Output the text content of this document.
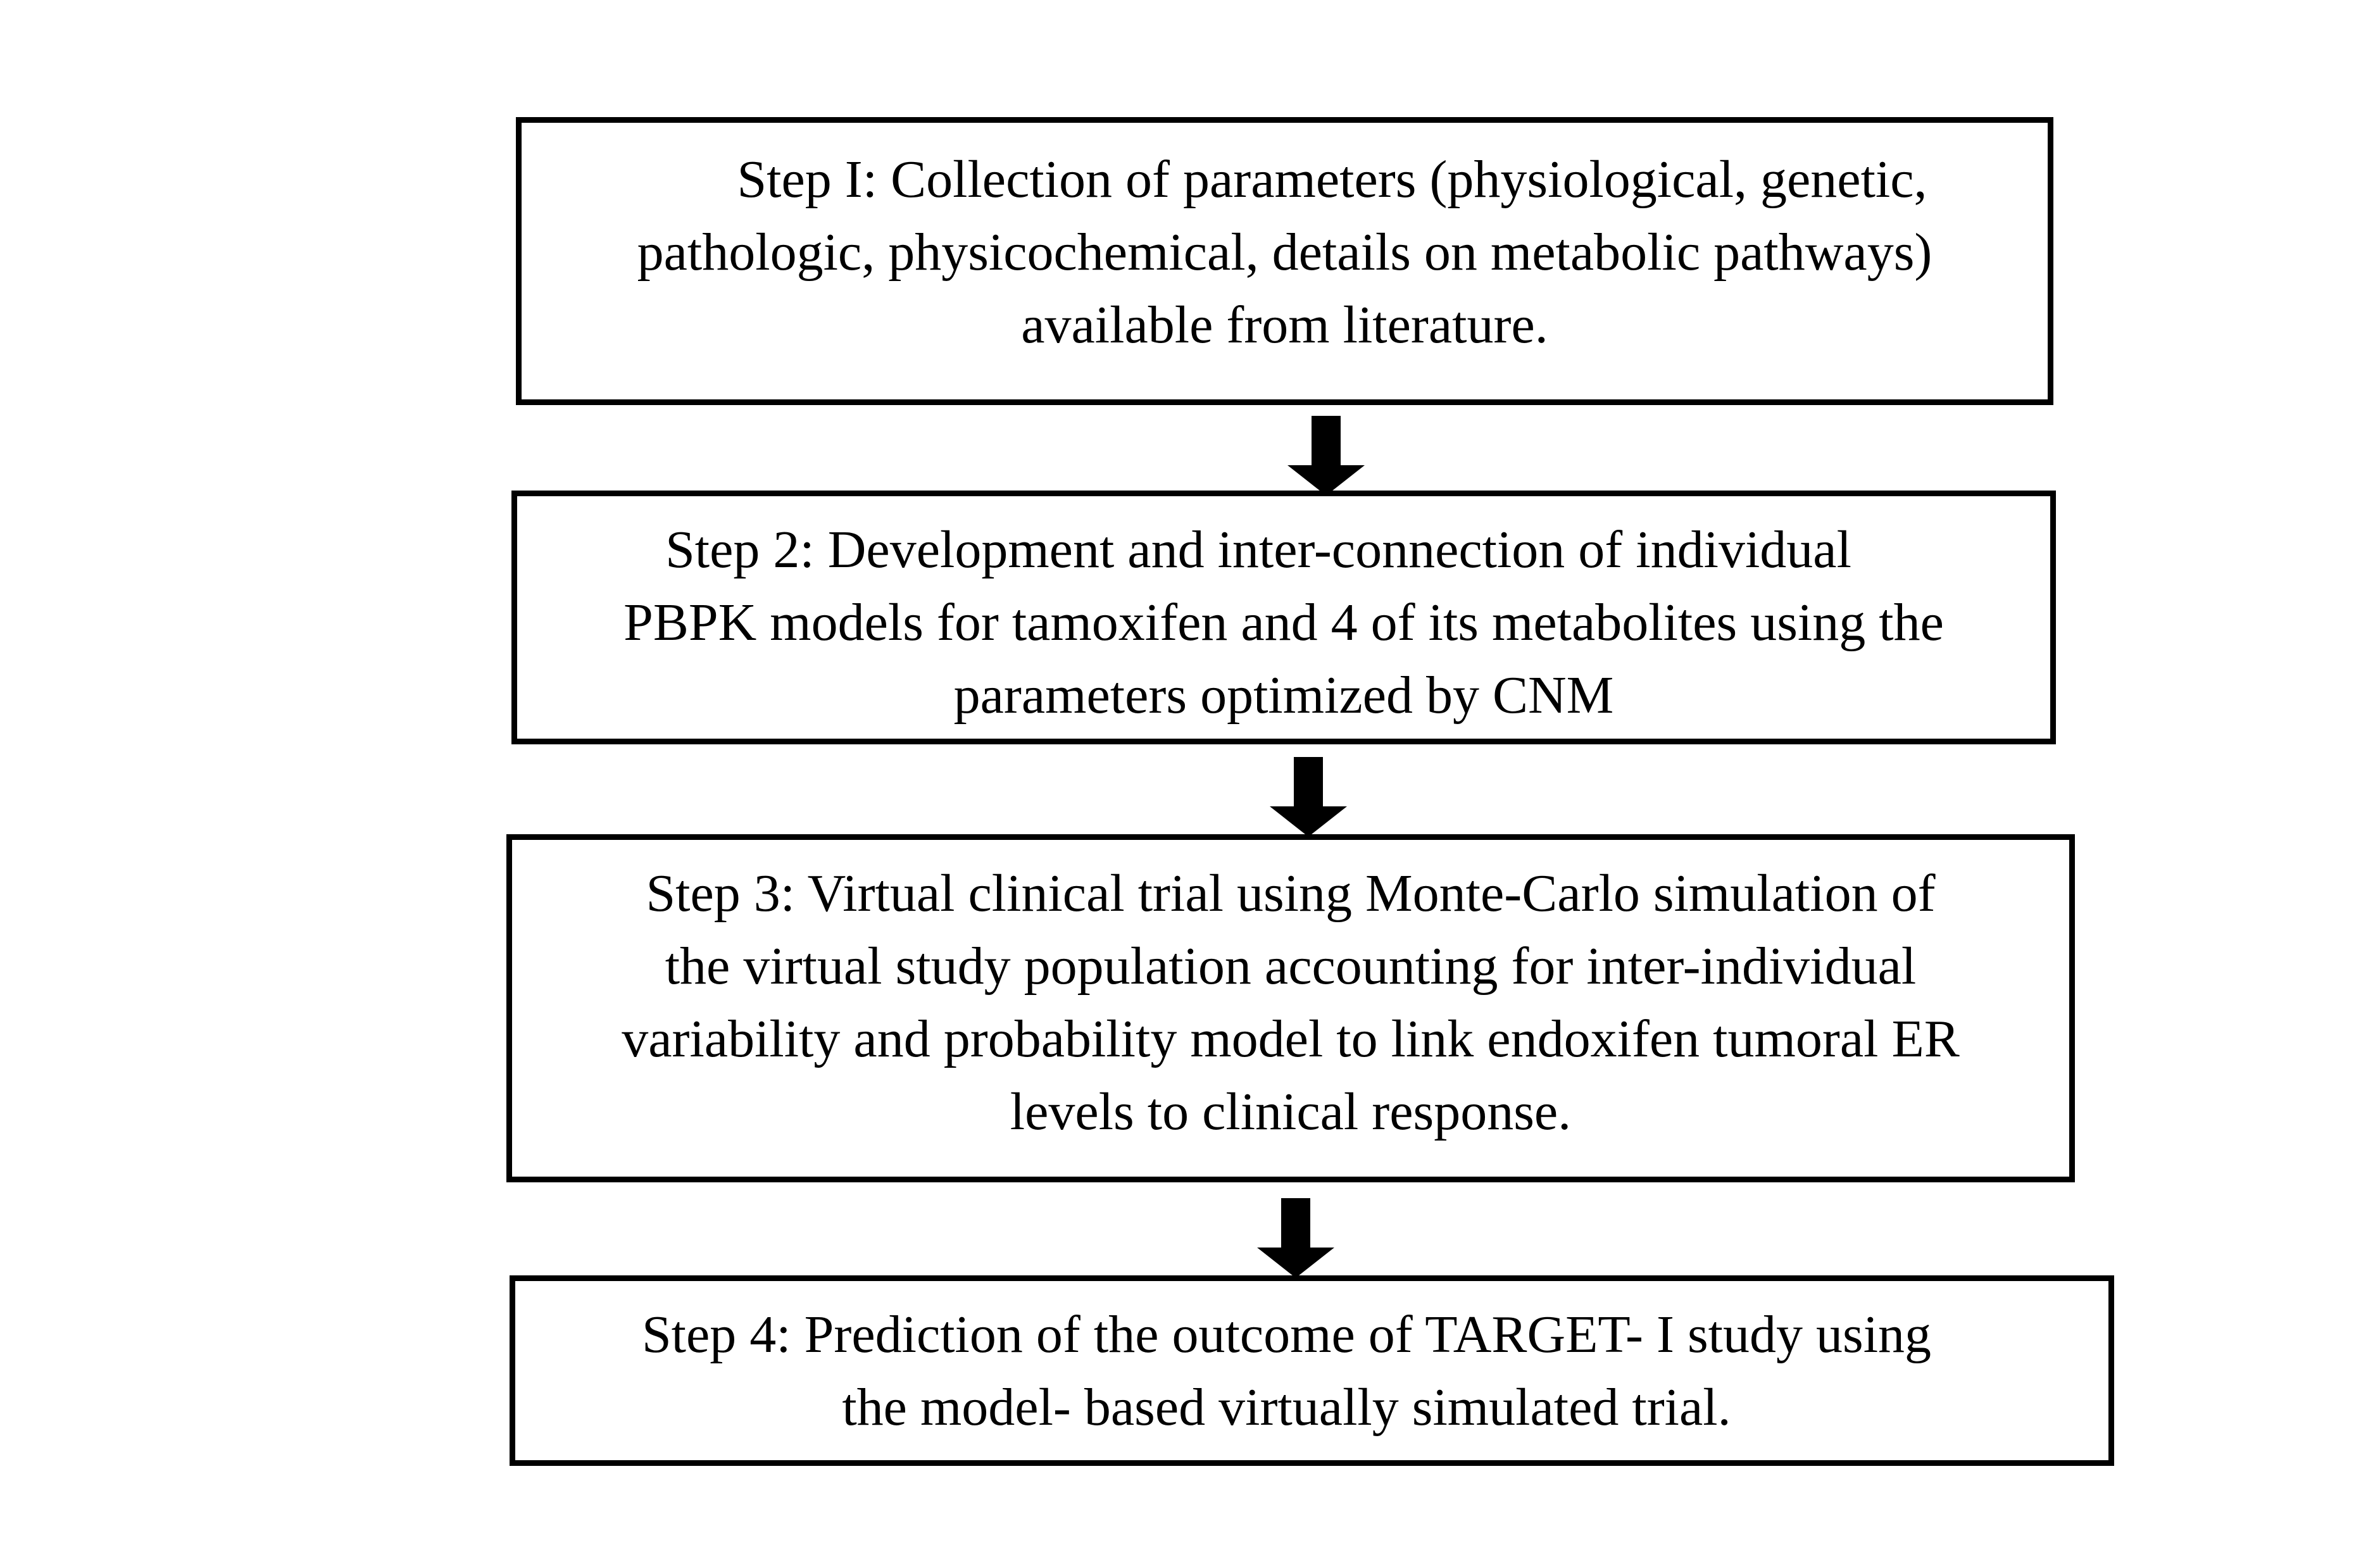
Step I: Collection of parameters (physiological, genetic,
pathologic, physicochemical, details on metabolic pathways)
available from literature.
Step 2: Development and inter-connection of individual
PBPK models for tamoxifen and 4 of its metabolites using the
parameters optimized by CNM
Step 3: Virtual clinical trial using Monte-Carlo simulation of
the virtual study population accounting for inter-individual
variability and probability model to link endoxifen tumoral ER
levels to clinical response.
Step 4: Prediction of the outcome of TARGET- I study using
the model- based virtually simulated trial.
